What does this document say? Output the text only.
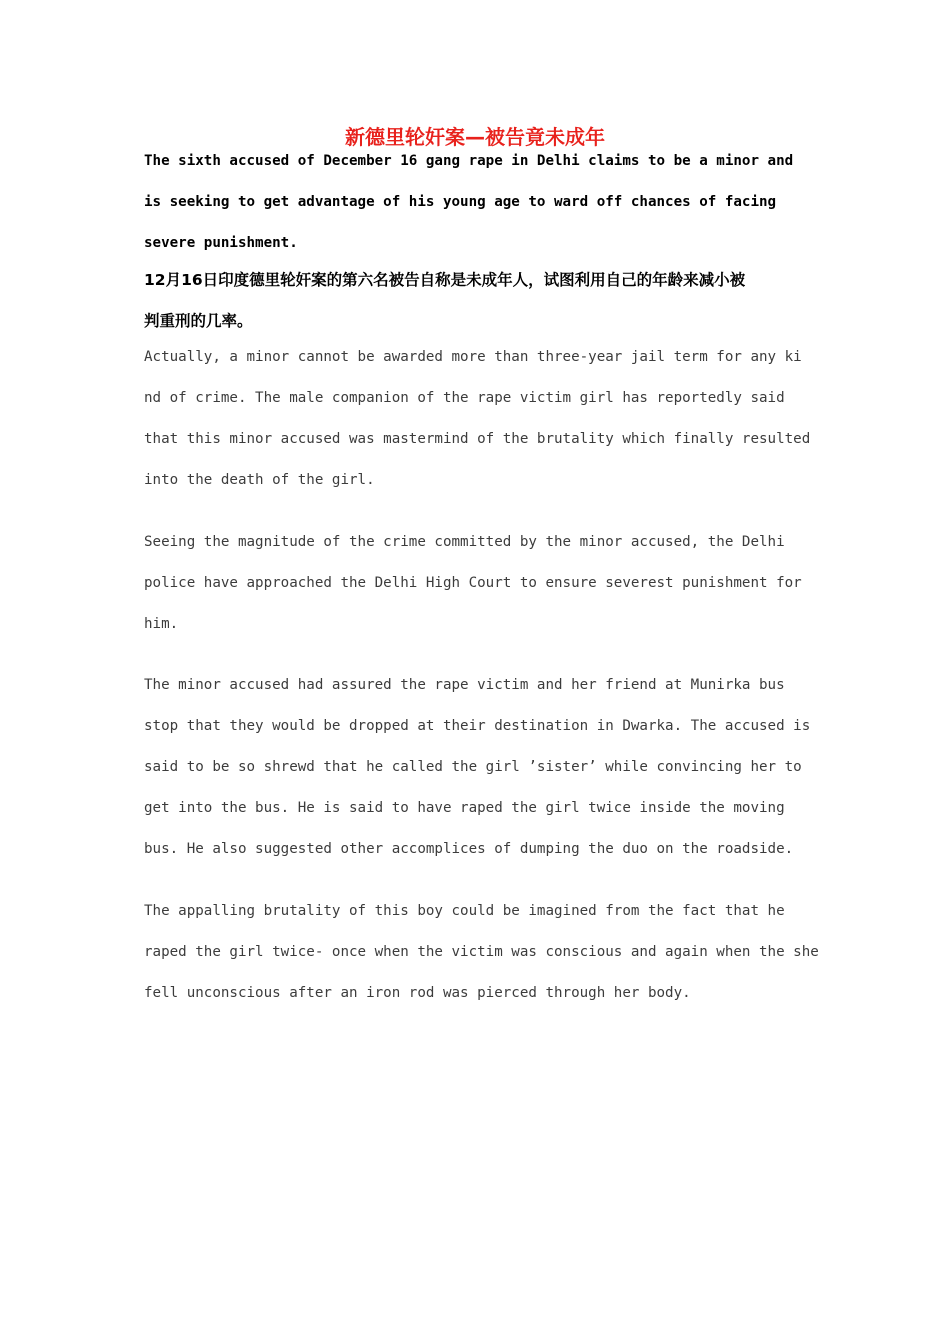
新德里轮奸案—被告竟未成年
The sixth accused of December 16 gang rape in Delhi claims to be a minor and
is seeking to get advantage of his young age to ward off chances of facing
severe punishment.
12月16日印度德里轮奸案的第六名被告自称是未成年人，试图利用自己的年龄来减小被
判重刑的几率。
Actually, a minor cannot be awarded more than three-year jail term for any ki
nd of crime. The male companion of the rape victim girl has reportedly said
that this minor accused was mastermind of the brutality which finally resulted
into the death of the girl.
Seeing the magnitude of the crime committed by the minor accused, the Delhi
police have approached the Delhi High Court to ensure severest punishment for
him.
The minor accused had assured the rape victim and her friend at Munirka bus
stop that they would be dropped at their destination in Dwarka. The accused is
said to be so shrewd that he called the girl ’sister’ while convincing her to
get into the bus. He is said to have raped the girl twice inside the moving
bus. He also suggested other accomplices of dumping the duo on the roadside.
The appalling brutality of this boy could be imagined from the fact that he
raped the girl twice- once when the victim was conscious and again when the she
fell unconscious after an iron rod was pierced through her body.
